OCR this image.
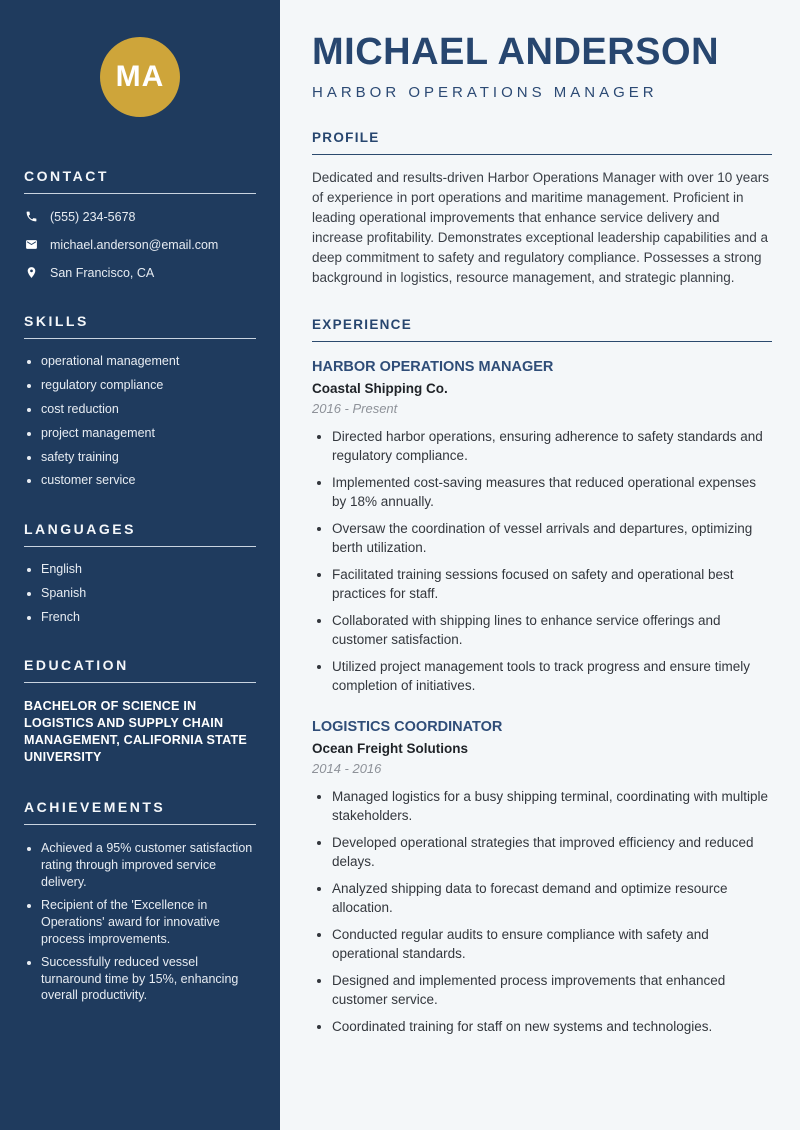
MA
CONTACT
(555) 234-5678
michael.anderson@email.com
San Francisco, CA
SKILLS
• operational management
• regulatory compliance
• cost reduction
• project management
• safety training
• customer service
LANGUAGES
• English
• Spanish
• French
EDUCATION

BACHELOR OF SCIENCE IN LOGISTICS AND SUPPLY CHAIN MANAGEMENT, CALIFORNIA STATE UNIVERSITY

ACHIEVEMENTS
• Achieved a 95% customer satisfaction rating through improved service delivery.
• Recipient of the 'Excellence in Operations' award for innovative process improvements.
• Successfully reduced vessel turnaround time by 15%, enhancing overall productivity.
MICHAEL ANDERSON
HARBOR OPERATIONS MANAGER
PROFILE

Dedicated and results-driven Harbor Operations Manager with over 10 years of experience in port operations and maritime management. Proficient in leading operational improvements that enhance service delivery and increase profitability. Demonstrates exceptional leadership capabilities and a deep commitment to safety and regulatory compliance. Possesses a strong background in logistics, resource management, and strategic planning.

EXPERIENCE
HARBOR OPERATIONS MANAGER
Coastal Shipping Co.
2016 - Present
• Directed harbor operations, ensuring adherence to safety standards and regulatory compliance.
• Implemented cost-saving measures that reduced operational expenses by 18% annually.
• Oversaw the coordination of vessel arrivals and departures, optimizing berth utilization.
• Facilitated training sessions focused on safety and operational best practices for staff.
• Collaborated with shipping lines to enhance service offerings and customer satisfaction.
• Utilized project management tools to track progress and ensure timely completion of initiatives.
LOGISTICS COORDINATOR
Ocean Freight Solutions
2014 - 2016
• Managed logistics for a busy shipping terminal, coordinating with multiple stakeholders.
• Developed operational strategies that improved efficiency and reduced delays.
• Analyzed shipping data to forecast demand and optimize resource allocation.
• Conducted regular audits to ensure compliance with safety and operational standards.
• Designed and implemented process improvements that enhanced customer service.
• Coordinated training for staff on new systems and technologies.
